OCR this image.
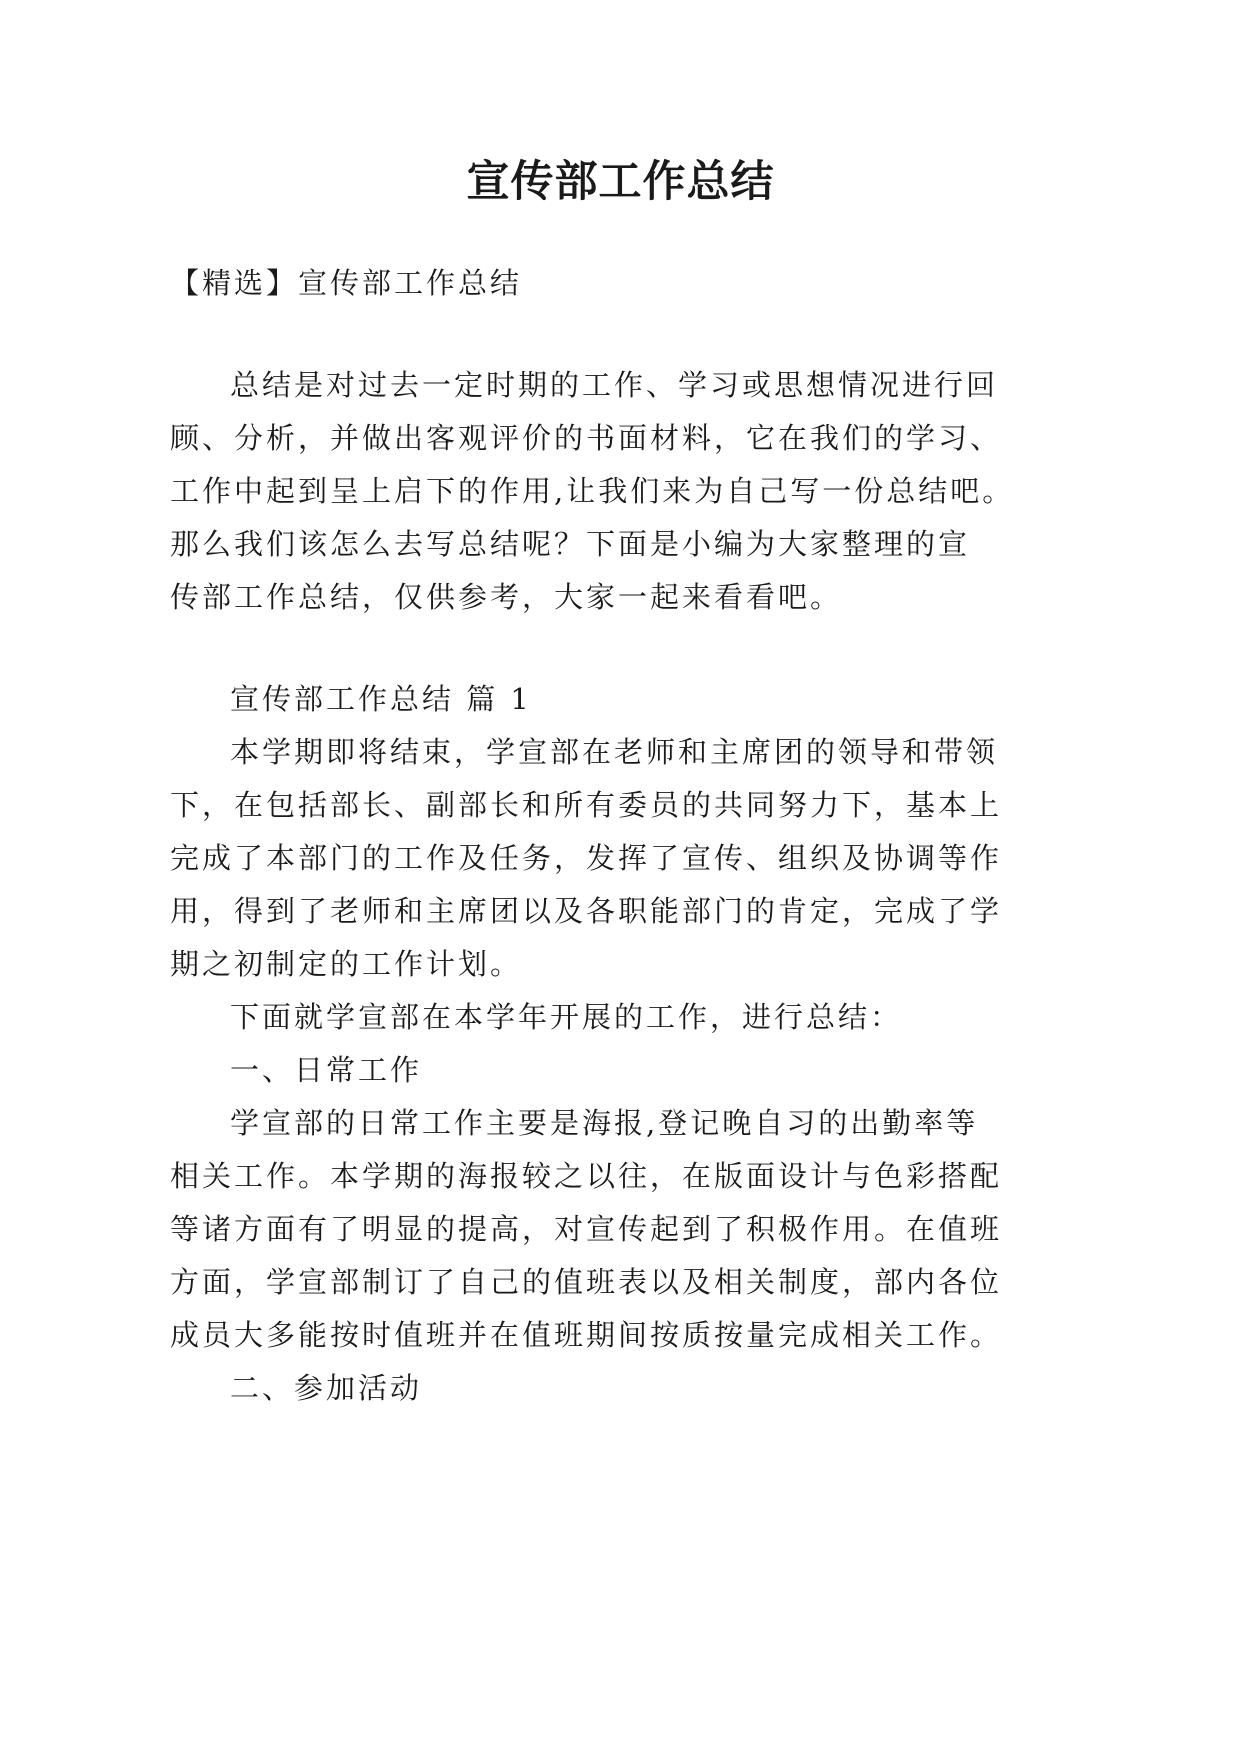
宣传部工作总结

【精选】宣传部工作总结

总结是对过去一定时期的工作、学习或思想情况进行回

顾、分析，并做出客观评价的书面材料，它在我们的学习、

工作中起到呈上启下的作用,让我们来为自己写一份总结吧。

那么我们该怎么去写总结呢？下面是小编为大家整理的宣

传部工作总结，仅供参考，大家一起来看看吧。

宣传部工作总结 篇 1

本学期即将结束，学宣部在老师和主席团的领导和带领

下，在包括部长、副部长和所有委员的共同努力下，基本上

完成了本部门的工作及任务，发挥了宣传、组织及协调等作

用，得到了老师和主席团以及各职能部门的肯定，完成了学

期之初制定的工作计划。

下面就学宣部在本学年开展的工作，进行总结：

一、日常工作

学宣部的日常工作主要是海报,登记晚自习的出勤率等

相关工作。本学期的海报较之以往，在版面设计与色彩搭配

等诸方面有了明显的提高，对宣传起到了积极作用。在值班

方面，学宣部制订了自己的值班表以及相关制度，部内各位

成员大多能按时值班并在值班期间按质按量完成相关工作。

二、参加活动
